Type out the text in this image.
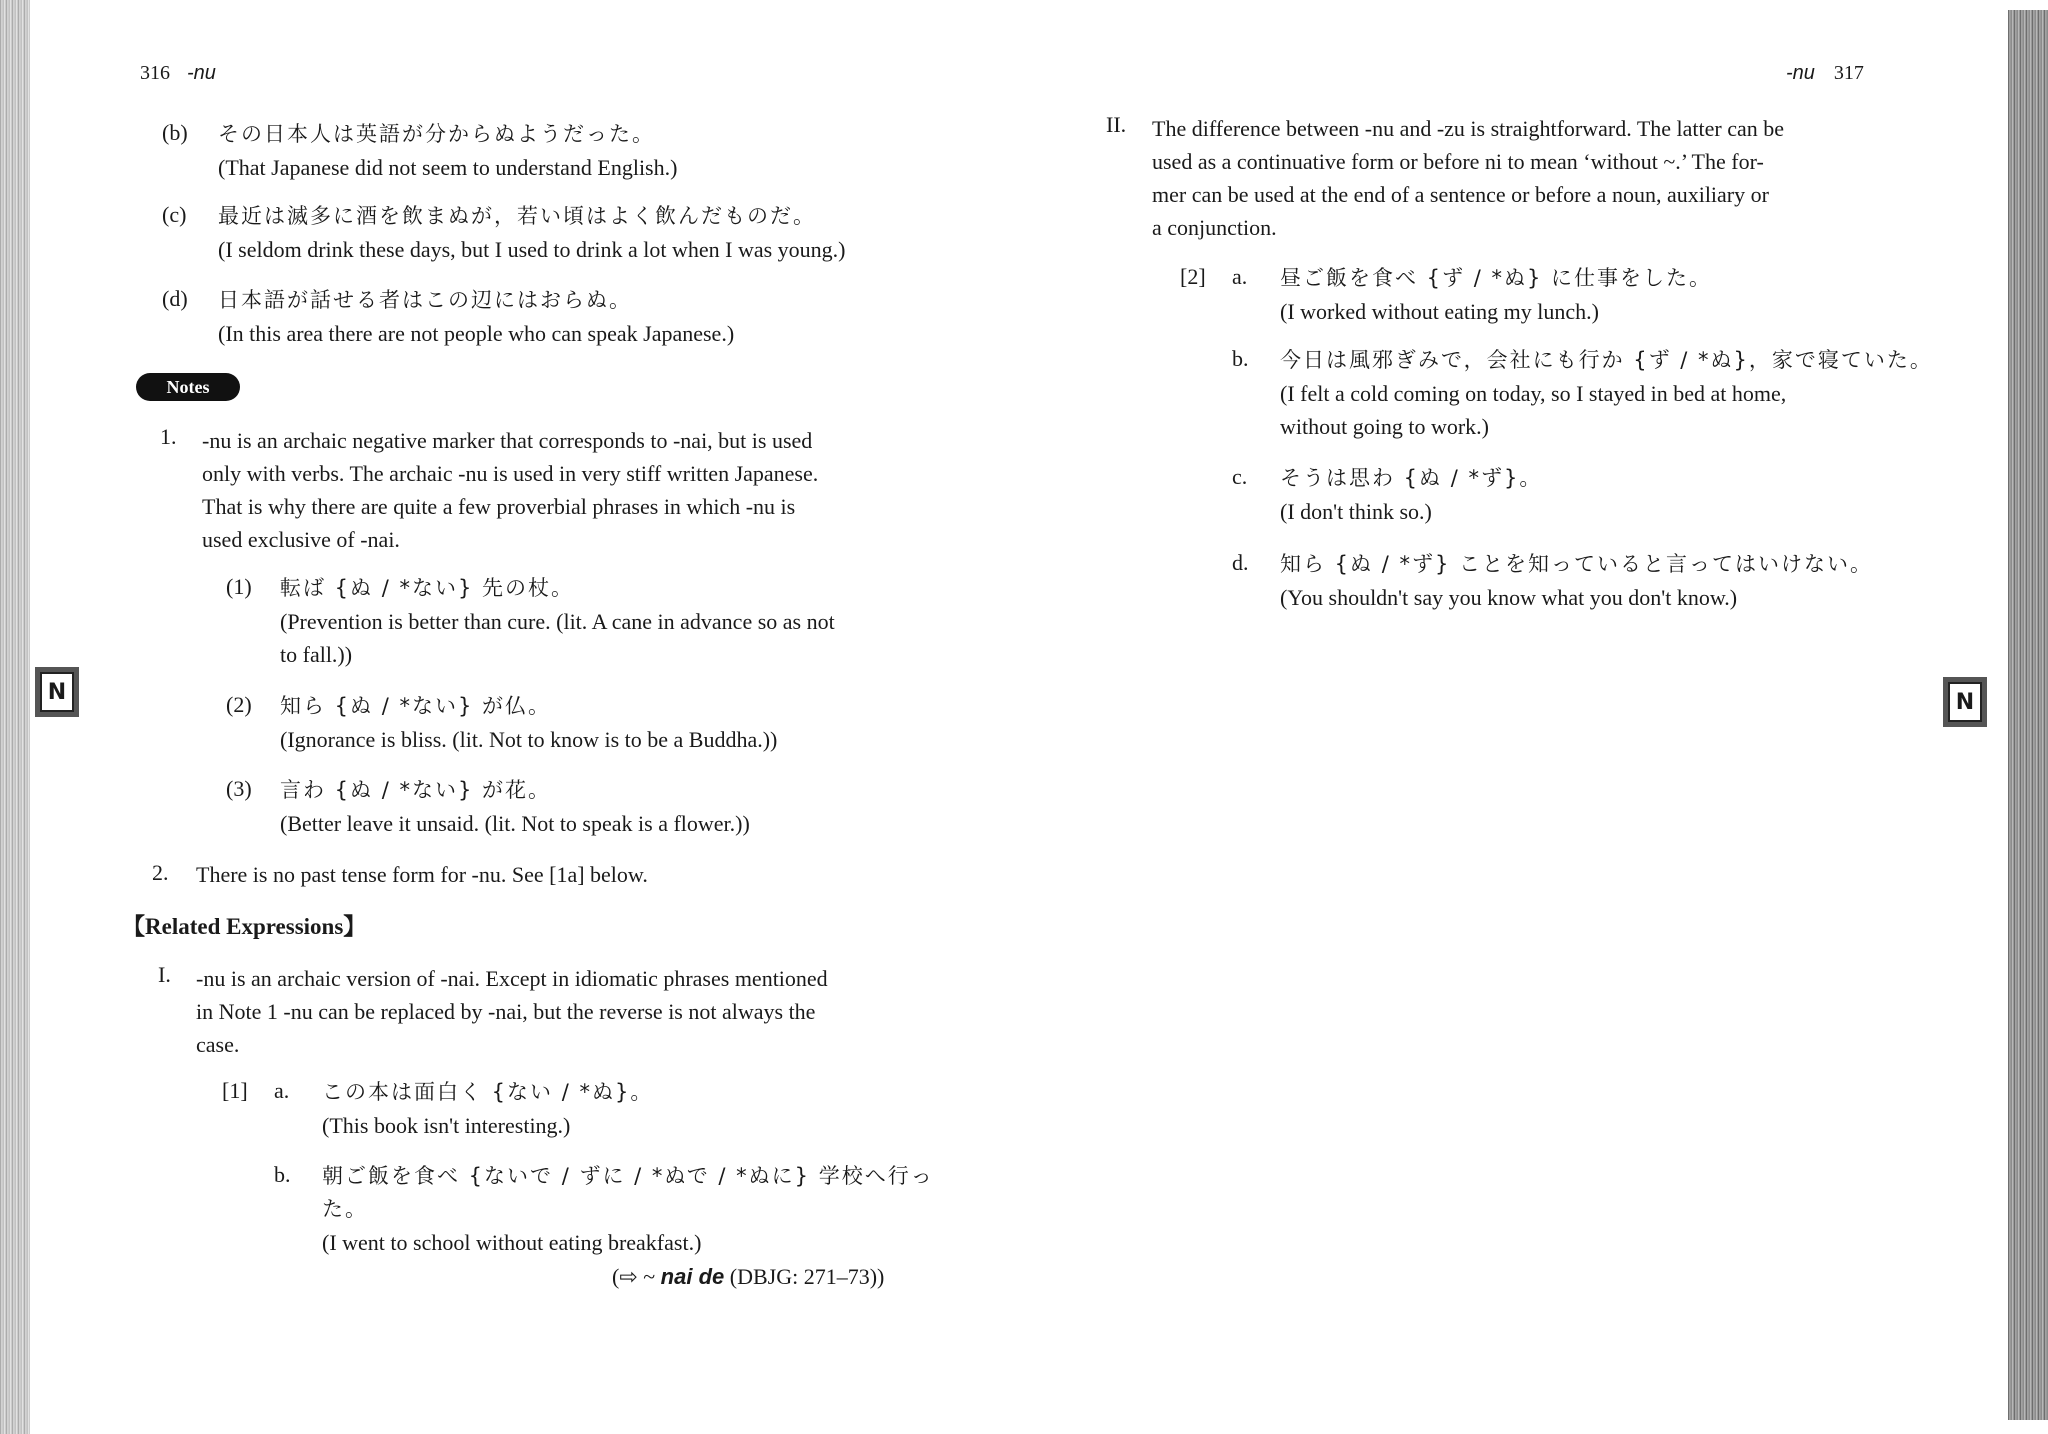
N	N
316 -nu
(b) その日本人は英語が分からぬようだった。
(That Japanese did not seem to understand English.)
(c) 最近は滅多に酒を飲まぬが，若い頃はよく飲んだものだ。
(I seldom drink these days, but I used to drink a lot when I was young.)
(d) 日本語が話せる者はこの辺にはおらぬ。
(In this area there are not people who can speak Japanese.)
Notes
1. -nu is an archaic negative marker that corresponds to -nai, but is used
only with verbs. The archaic -nu is used in very stiff written Japanese.
That is why there are quite a few proverbial phrases in which -nu is
used exclusive of -nai.
(1) 転ば {ぬ / *ない} 先の杖。
(Prevention is better than cure. (lit. A cane in advance so as not
to fall.))
(2) 知ら {ぬ / *ない} が仏。
(Ignorance is bliss. (lit. Not to know is to be a Buddha.))
(3) 言わ {ぬ / *ない} が花。
(Better leave it unsaid. (lit. Not to speak is a flower.))
2. There is no past tense form for -nu. See [1a] below.
【Related Expressions】
I. -nu is an archaic version of -nai. Except in idiomatic phrases mentioned
in Note 1 -nu can be replaced by -nai, but the reverse is not always the
case.
[1] a. この本は面白く {ない / *ぬ}。
(This book isn't interesting.)
b. 朝ご飯を食べ {ないで / ずに / *ぬで / *ぬに} 学校へ行っ
た。
(I went to school without eating breakfast.)
(⇨ ~ nai de (DBJG: 271–73))
-nu 317
II. The difference between -nu and -zu is straightforward. The latter can be
used as a continuative form or before ni to mean ‘without ~.’ The for-
mer can be used at the end of a sentence or before a noun, auxiliary or
a conjunction.
[2] a. 昼ご飯を食べ {ず / *ぬ} に仕事をした。
(I worked without eating my lunch.)
b. 今日は風邪ぎみで，会社にも行か {ず / *ぬ}，家で寝ていた。
(I felt a cold coming on today, so I stayed in bed at home,
without going to work.)
c. そうは思わ {ぬ / *ず}。
(I don't think so.)
d. 知ら {ぬ / *ず} ことを知っていると言ってはいけない。
(You shouldn't say you know what you don't know.)
